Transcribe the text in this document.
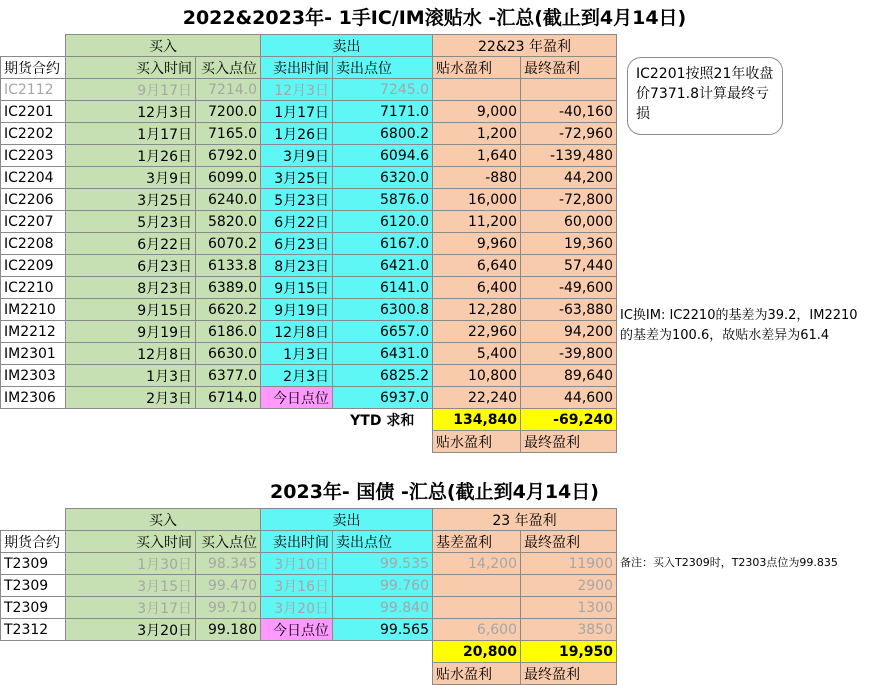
2022&2023年- 1手IC/IM滚贴水 -汇总(截止到4月14日)
	买入		卖出		22&23 年盈利	
期货合约	买入时间	买入点位	卖出时间	卖出点位	贴水盈利	最终盈利
IC2112	9月17日	7214.0	12月3日	7245.0		
IC2201	12月3日	7200.0	1月17日	7171.0	9,000	-40,160
IC2202	1月17日	7165.0	1月26日	6800.2	1,200	-72,960
IC2203	1月26日	6792.0	3月9日	6094.6	1,640	-139,480
IC2204	3月9日	6099.0	3月25日	6320.0	-880	44,200
IC2206	3月25日	6240.0	5月23日	5876.0	16,000	-72,800
IC2207	5月23日	5820.0	6月22日	6120.0	11,200	60,000
IC2208	6月22日	6070.2	6月23日	6167.0	9,960	19,360
IC2209	6月23日	6133.8	8月23日	6421.0	6,640	57,440
IC2210	8月23日	6389.0	9月15日	6141.0	6,400	-49,600
IM2210	9月15日	6620.2	9月19日	6300.8	12,280	-63,880
IM2212	9月19日	6186.0	12月8日	6657.0	22,960	94,200
IM2301	12月8日	6630.0	1月3日	6431.0	5,400	-39,800
IM2303	1月3日	6377.0	2月3日	6825.2	10,800	89,640
IM2306	2月3日	6714.0	今日点位	6937.0	22,240	44,600
				YTD 求和	134,840	-69,240
					贴水盈利	最终盈利
IC2201按照21年收盘价7371.8计算最终亏损
IC换IM: IC2210的基差为39.2，IM2210的基差为100.6，故贴水差异为61.4
2023年- 国债 -汇总(截止到4月14日)
	买入		卖出		23 年盈利	
期货合约	买入时间	买入点位	卖出时间	卖出点位	基差盈利	最终盈利
T2309	1月30日	98.345	3月10日	99.535	14,200	11900
T2309	3月15日	99.470	3月16日	99.760		2900
T2309	3月17日	99.710	3月20日	99.840		1300
T2312	3月20日	99.180	今日点位	99.565	6,600	3850
					20,800	19,950
					贴水盈利	最终盈利
备注：买入T2309时，T2303点位为99.835
